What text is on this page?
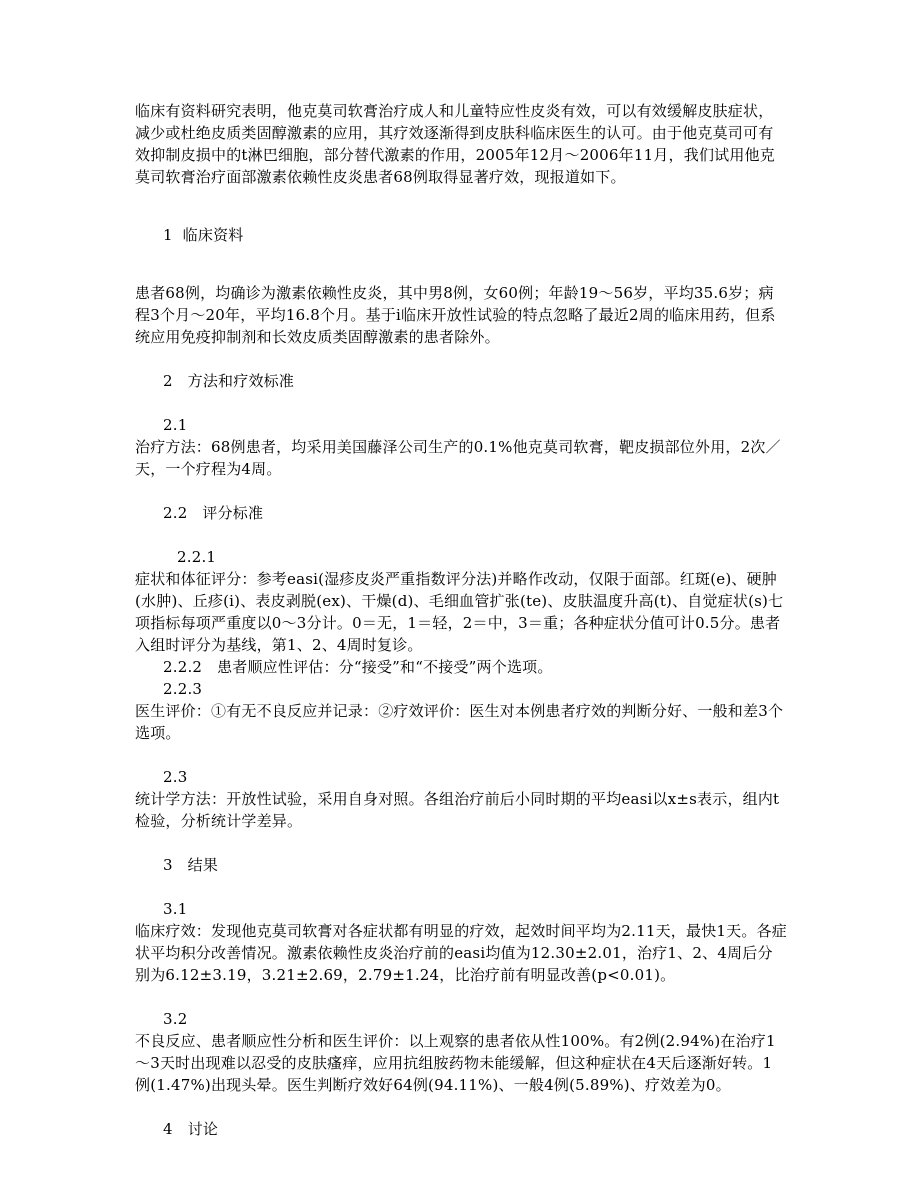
临床有资料研究表明，他克莫司软膏治疗成人和儿童特应性皮炎有效，可以有效缓解皮肤症状，减少或杜绝皮质类固醇激素的应用，其疗效逐渐得到皮肤科临床医生的认可。由于他克莫司可有效抑制皮损中的t淋巴细胞，部分替代激素的作用，2005年12月～2006年11月，我们试用他克莫司软膏治疗面部激素依赖性皮炎患者68例取得显著疗效，现报道如下。

1  临床资料

患者68例，均确诊为激素依赖性皮炎，其中男8例，女60例；年龄19～56岁，平均35.6岁；病程3个月～20年，平均16.8个月。基于i临床开放性试验的特点忽略了最近2周的临床用药，但系统应用免疫抑制剂和长效皮质类固醇激素的患者除外。

2   方法和疗效标准

2.1

治疗方法：68例患者，均采用美国藤泽公司生产的0.1%他克莫司软膏，靶皮损部位外用，2次／天，一个疗程为4周。

2.2   评分标准

2.2.1

症状和体征评分：参考easi(湿疹皮炎严重指数评分法)并略作改动，仅限于面部。红斑(e)、硬肿(水肿)、丘疹(i)、表皮剥脱(ex)、干燥(d)、毛细血管扩张(te)、皮肤温度升高(t)、自觉症状(s)七项指标每项严重度以0～3分计。0＝无，1＝轻，2＝中，3＝重；各种症状分值可计0.5分。患者入组时评分为基线，第1、2、4周时复诊。

2.2.2   患者顺应性评估：分“接受”和“不接受”两个选项。

2.2.3

医生评价：①有无不良反应并记录：②疗效评价：医生对本例患者疗效的判断分好、一般和差3个选项。

2.3

统计学方法：开放性试验，采用自身对照。各组治疗前后小同时期的平均easi以x±s表示，组内t检验，分析统计学差异。

3   结果

3.1

临床疗效：发现他克莫司软膏对各症状都有明显的疗效，起效时间平均为2.11天，最快1天。各症状平均积分改善情况。激素依赖性皮炎治疗前的easi均值为12.30±2.01，治疗1、2、4周后分别为6.12±3.19，3.21±2.69，2.79±1.24，比治疗前有明显改善(p<0.01)。

3.2

不良反应、患者顺应性分析和医生评价：以上观察的患者依从性100%。有2例(2.94%)在治疗1～3天时出现难以忍受的皮肤瘙痒，应用抗组胺药物未能缓解，但这种症状在4天后逐渐好转。1例(1.47%)出现头晕。医生判断疗效好64例(94.11%)、一般4例(5.89%)、疗效差为0。

4   讨论
